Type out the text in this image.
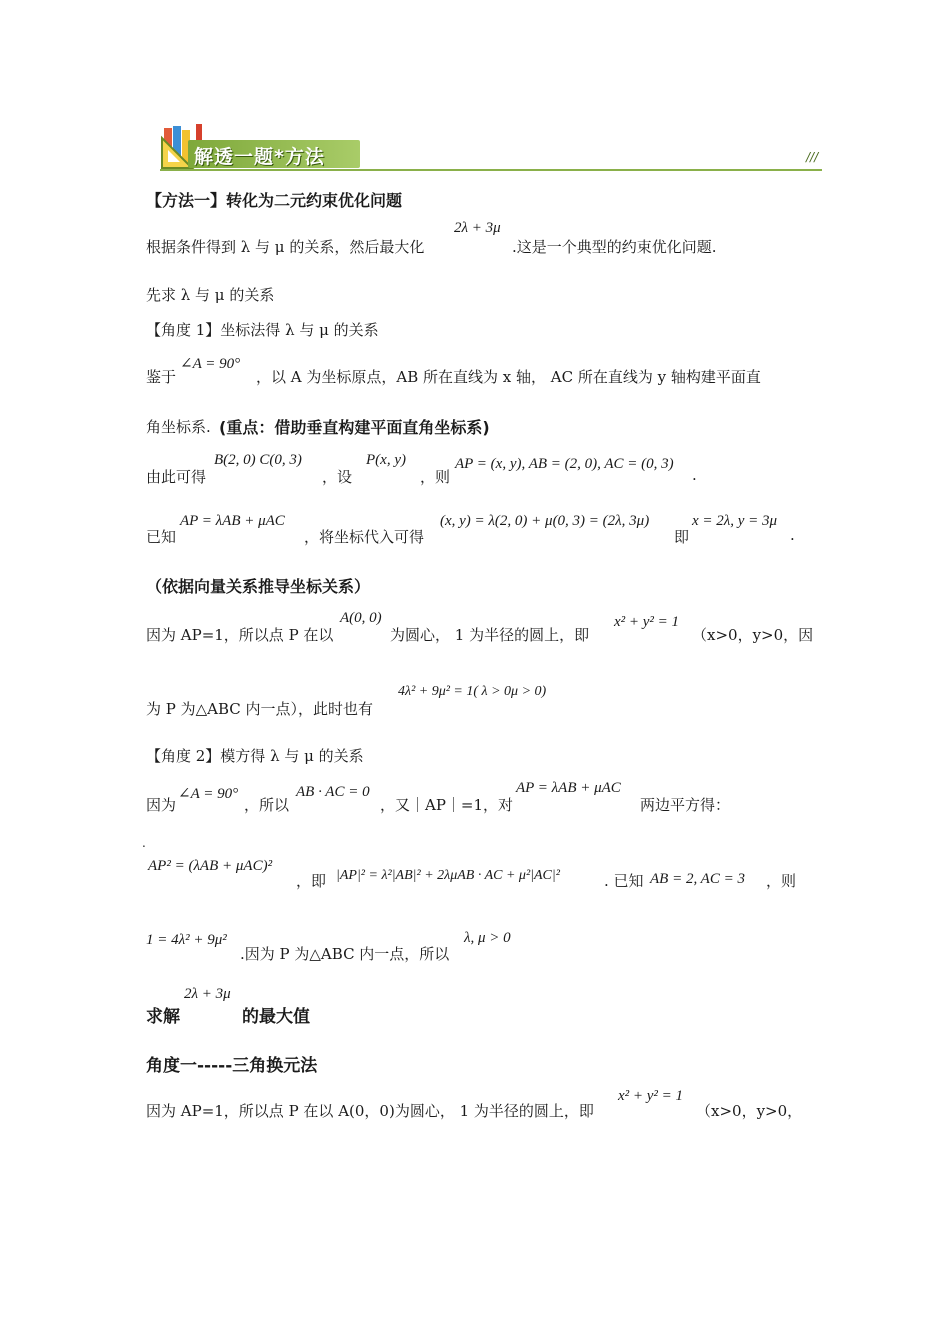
解透一题*方法	///
【方法一】转化为二元约束优化问题
根据条件得到 λ 与 μ 的关系，然后最大化
2λ + 3μ
.这是一个典型的约束优化问题.
先求 λ 与 μ 的关系
【角度 1】坐标法得 λ 与 μ 的关系
鉴于
∠A = 90°
，以 A 为坐标原点，AB 所在直线为 x 轴， AC 所在直线为 y 轴构建平面直
角坐标系. (重点：借助垂直构建平面直角坐标系)
由此可得
B(2, 0) C(0, 3)
，设
P(x, y)
，则
AP = (x, y), AB = (2, 0), AC = (0, 3)
.
已知
AP = λAB + μAC
，将坐标代入可得
(x, y) = λ(2, 0) + μ(0, 3) = (2λ, 3μ)
即
x = 2λ, y = 3μ
.
（依据向量关系推导坐标关系）
因为 AP=1，所以点 P 在以
A(0, 0)
为圆心， 1 为半径的圆上，即
x² + y² = 1
（x>0，y>0，因
为 P 为△ABC 内一点），此时也有
4λ² + 9μ² = 1( λ > 0μ > 0)
【角度 2】模方得 λ 与 μ 的关系
因为
∠A = 90°
，所以
AB · AC = 0
，又｜AP｜=1，对
AP = λAB + μAC
两边平方得：
.
AP² = (λAB + μAC)²
，即 |AP|² = λ²|AB|² + 2λμAB · AC + μ²|AC|²	. 已知 AB = 2, AC = 3 ，则
1 = 4λ² + 9μ²
.因为 P 为△ABC 内一点，所以
λ, μ > 0
求解
2λ + 3μ
的最大值
角度一-----三角换元法
因为 AP=1，所以点 P 在以 A(0，0)为圆心， 1 为半径的圆上，即
x² + y² = 1
（x>0，y>0，
